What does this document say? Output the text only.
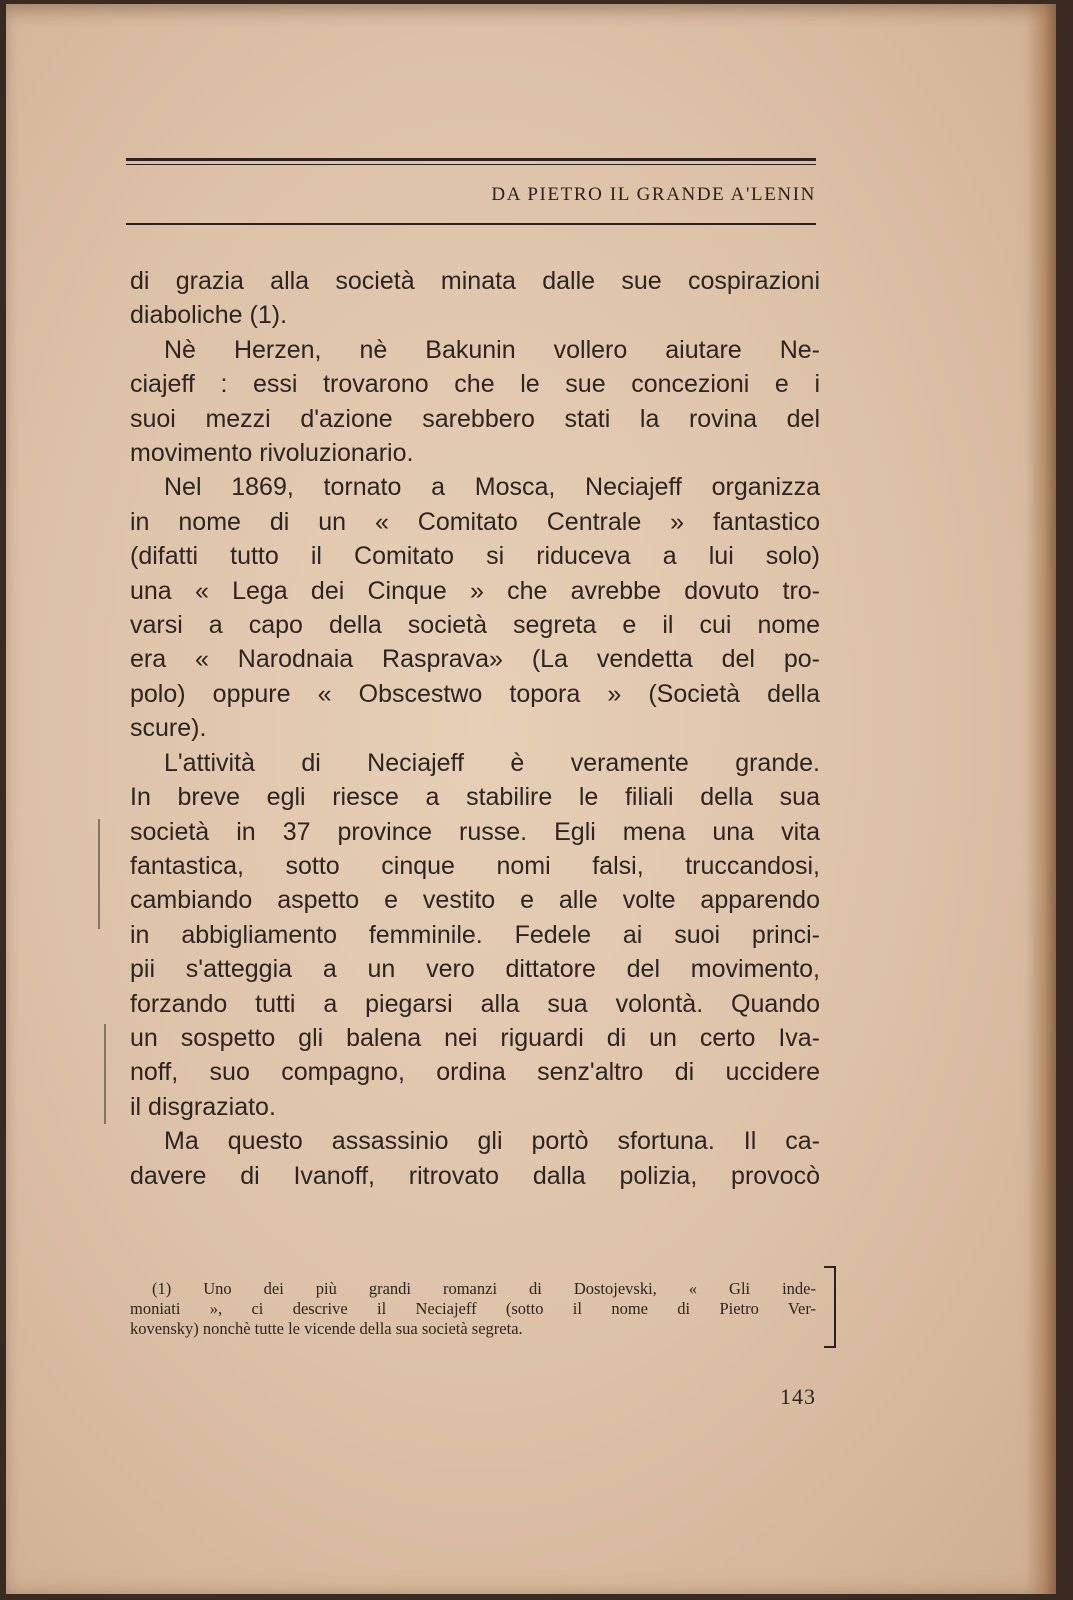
DA PIETRO IL GRANDE A'LENIN
di grazia alla società minata dalle sue cospirazioni
diaboliche (1).
Nè Herzen, nè Bakunin vollero aiutare Ne-
ciajeff : essi trovarono che le sue concezioni e i
suoi mezzi d'azione sarebbero stati la rovina del
movimento rivoluzionario.
Nel 1869, tornato a Mosca, Neciajeff organizza
in nome di un « Comitato Centrale » fantastico
(difatti tutto il Comitato si riduceva a lui solo)
una « Lega dei Cinque » che avrebbe dovuto tro-
varsi a capo della società segreta e il cui nome
era « Narodnaia Rasprava» (La vendetta del po-
polo) oppure « Obscestwo topora » (Società della
scure).
L'attività di Neciajeff è veramente grande.
In breve egli riesce a stabilire le filiali della sua
società in 37 province russe. Egli mena una vita
fantastica, sotto cinque nomi falsi, truccandosi,
cambiando aspetto e vestito e alle volte apparendo
in abbigliamento femminile. Fedele ai suoi princi-
pii s'atteggia a un vero dittatore del movimento,
forzando tutti a piegarsi alla sua volontà. Quando
un sospetto gli balena nei riguardi di un certo Iva-
noff, suo compagno, ordina senz'altro di uccidere
il disgraziato.
Ma questo assassinio gli portò sfortuna. Il ca-
davere di Ivanoff, ritrovato dalla polizia, provocò
(1) Uno dei più grandi romanzi di Dostojevski, « Gli inde-
moniati », ci descrive il Neciajeff (sotto il nome di Pietro Ver-
kovensky) nonchè tutte le vicende della sua società segreta.
143
